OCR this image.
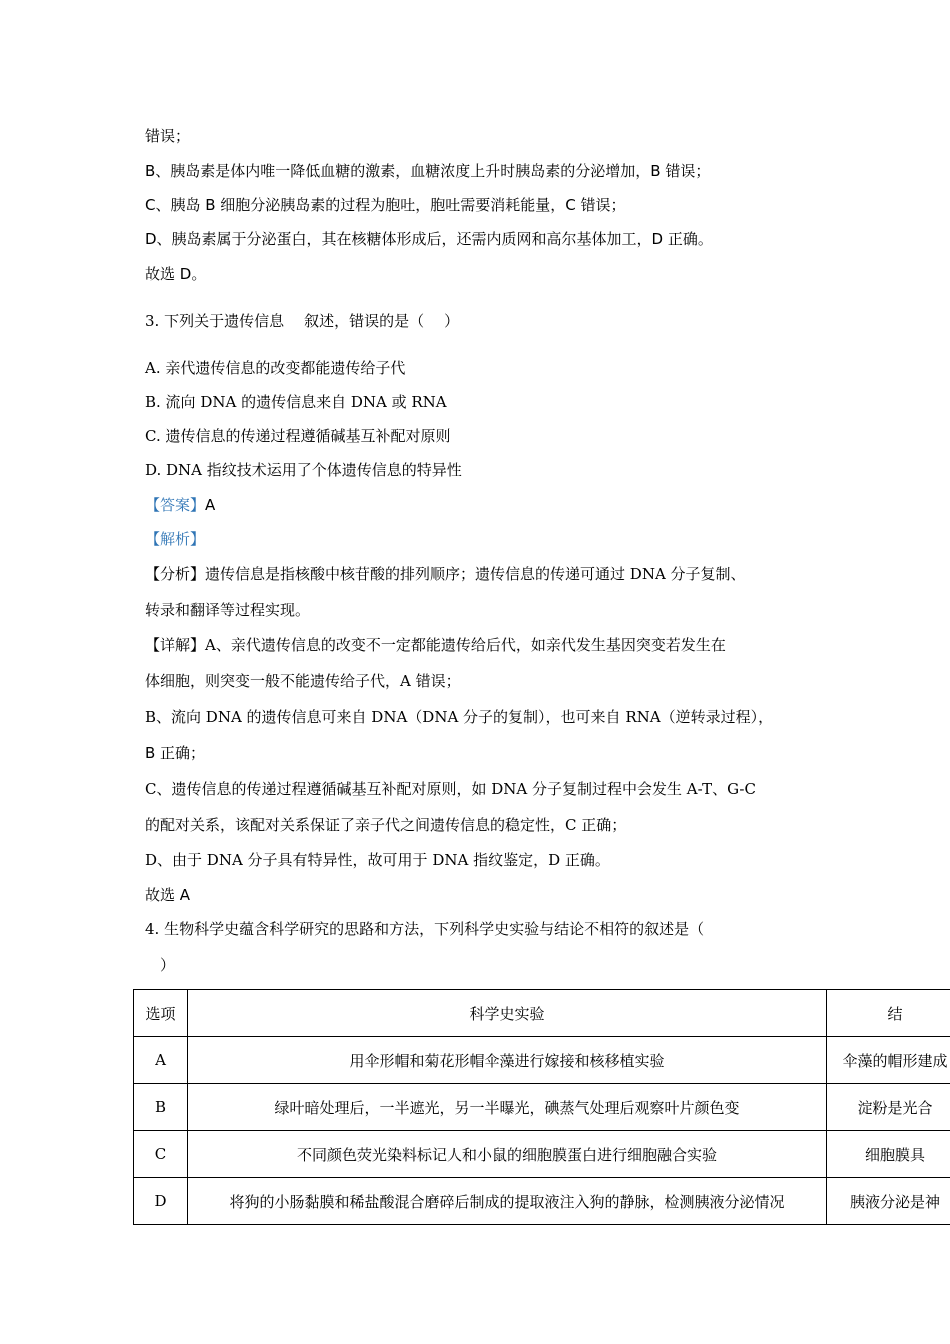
错误；
B、胰岛素是体内唯一降低血糖的激素，血糖浓度上升时胰岛素的分泌增加，B 错误；
C、胰岛 B 细胞分泌胰岛素的过程为胞吐，胞吐需要消耗能量，C 错误；
D、胰岛素属于分泌蛋白，其在核糖体形成后，还需内质网和高尔基体加工，D 正确。
故选 D。
3. 下列关于遗传信息 叙述，错误的是（ ）
A. 亲代遗传信息的改变都能遗传给子代
B. 流向 DNA 的遗传信息来自 DNA 或 RNA
C. 遗传信息的传递过程遵循碱基互补配对原则
D. DNA 指纹技术运用了个体遗传信息的特异性
【答案】A
【解析】
【分析】遗传信息是指核酸中核苷酸的排列顺序；遗传信息的传递可通过 DNA 分子复制、
转录和翻译等过程实现。
【详解】A、亲代遗传信息的改变不一定都能遗传给后代，如亲代发生基因突变若发生在
体细胞，则突变一般不能遗传给子代，A 错误；
B、流向 DNA 的遗传信息可来自 DNA（DNA 分子的复制），也可来自 RNA（逆转录过程），
B 正确；
C、遗传信息的传递过程遵循碱基互补配对原则，如 DNA 分子复制过程中会发生 A-T、G-C
的配对关系，该配对关系保证了亲子代之间遗传信息的稳定性，C 正确；
D、由于 DNA 分子具有特异性，故可用于 DNA 指纹鉴定，D 正确。
故选 A
4. 生物科学史蕴含科学研究的思路和方法，下列科学史实验与结论不相符的叙述是（
）
选项	科学史实验	结
A	用伞形帽和菊花形帽伞藻进行嫁接和核移植实验	伞藻的帽形建成
B	绿叶暗处理后，一半遮光，另一半曝光，碘蒸气处理后观察叶片颜色变	淀粉是光合
C	不同颜色荧光染料标记人和小鼠的细胞膜蛋白进行细胞融合实验	细胞膜具
D	将狗的小肠黏膜和稀盐酸混合磨碎后制成的提取液注入狗的静脉，检测胰液分泌情况	胰液分泌是神
